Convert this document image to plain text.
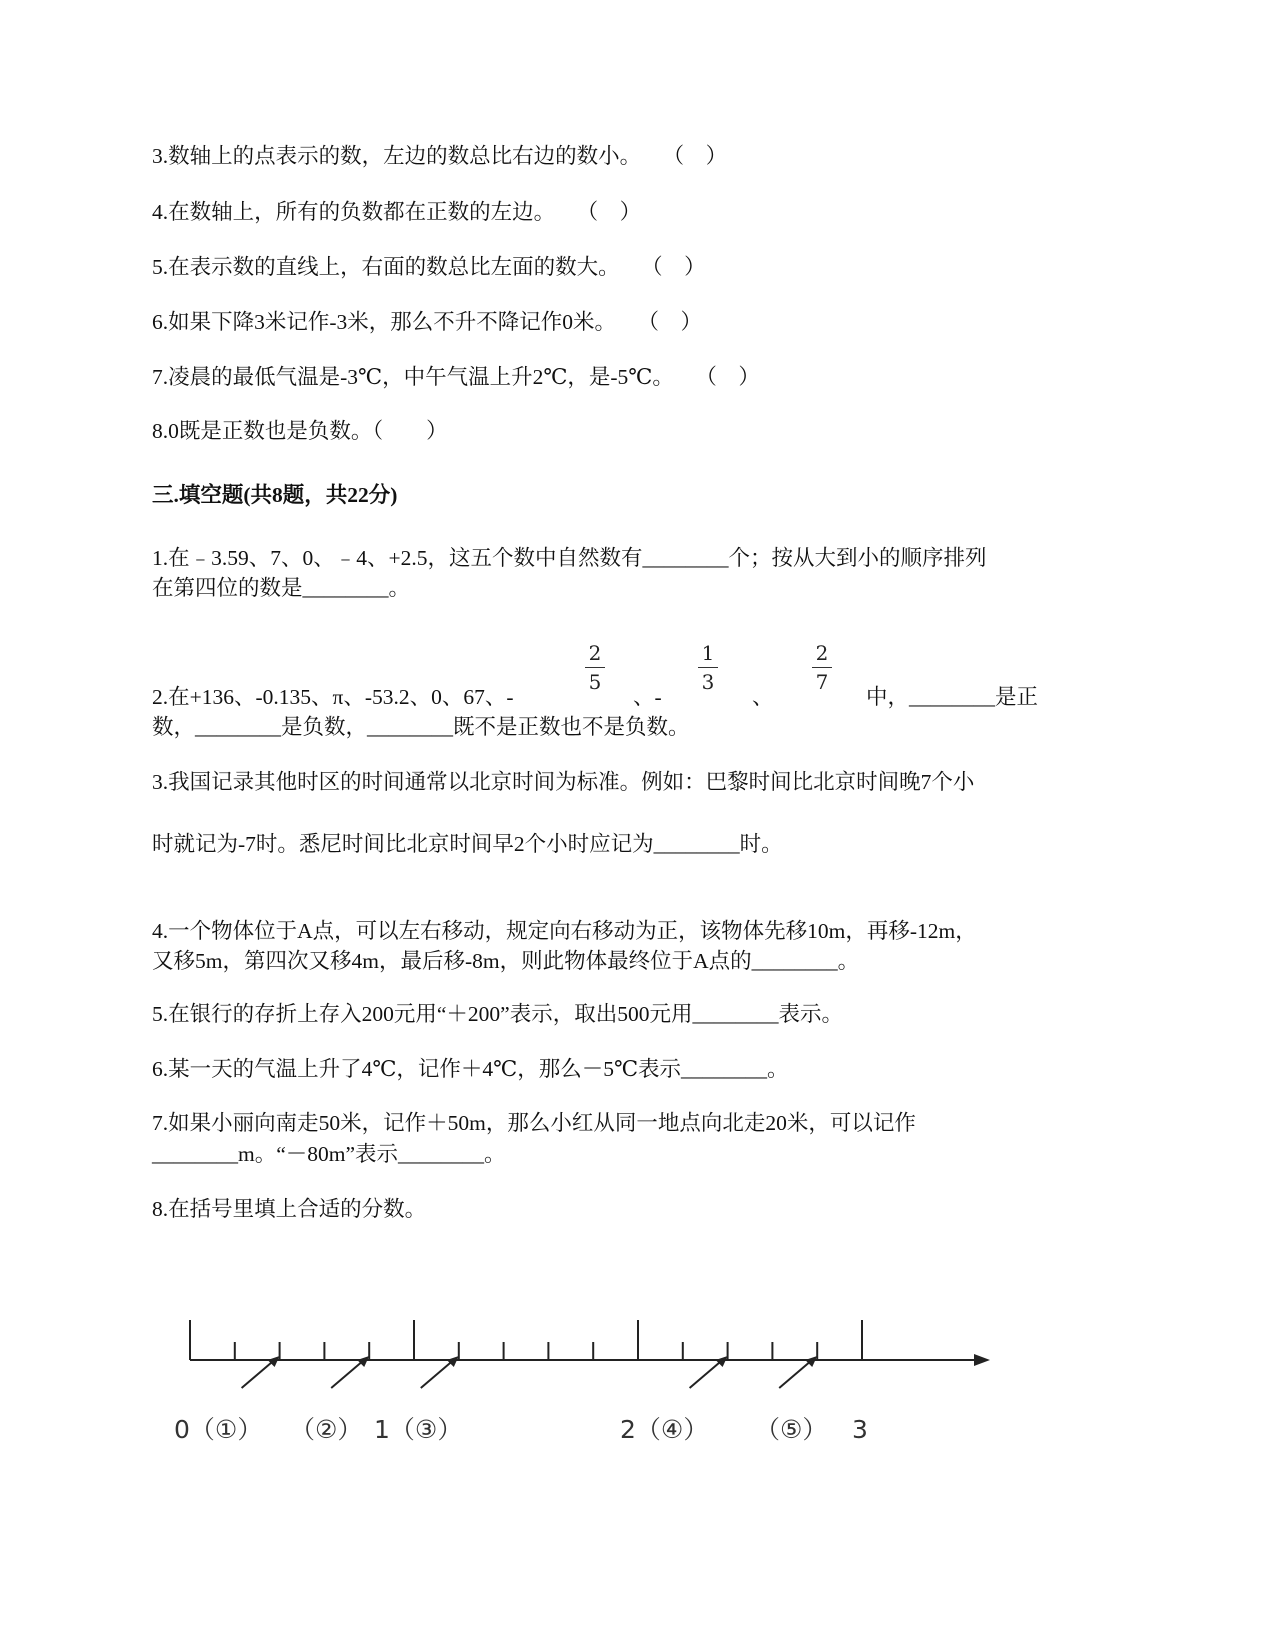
3.数轴上的点表示的数，左边的数总比右边的数小。　　（　）
4.在数轴上，所有的负数都在正数的左边。　　（　）
5.在表示数的直线上，右面的数总比左面的数大。　　（　）
6.如果下降3米记作-3米，那么不升不降记作0米。　　（　）
7.凌晨的最低气温是-3℃，中午气温上升2℃，是-5℃。　　（　）
8.0既是正数也是负数。（　　）
三.填空题(共8题，共22分)
1.在﹣3.59、7、0、﹣4、+2.5，这五个数中自然数有________个；按从大到小的顺序排列
在第四位的数是________。
2
5
1
3
2
7
2.在+136、-0.135、π、-53.2、0、67、-	、-	、	中，________是正
数，________是负数，________既不是正数也不是负数。
3.我国记录其他时区的时间通常以北京时间为标准。例如：巴黎时间比北京时间晚7个小
时就记为-7时。悉尼时间比北京时间早2个小时应记为________时。
4.一个物体位于A点，可以左右移动，规定向右移动为正，该物体先移10m，再移-12m，
又移5m，第四次又移4m，最后移-8m，则此物体最终位于A点的________。
5.在银行的存折上存入200元用“＋200”表示，取出500元用________表示。
6.某一天的气温上升了4℃，记作＋4℃，那么－5℃表示________。
7.如果小丽向南走50米，记作＋50m，那么小红从同一地点向北走20米，可以记作
________m。“－80m”表示________。
8.在括号里填上合适的分数。
0（①） （②） 1（③）	2（④） （⑤） 3
